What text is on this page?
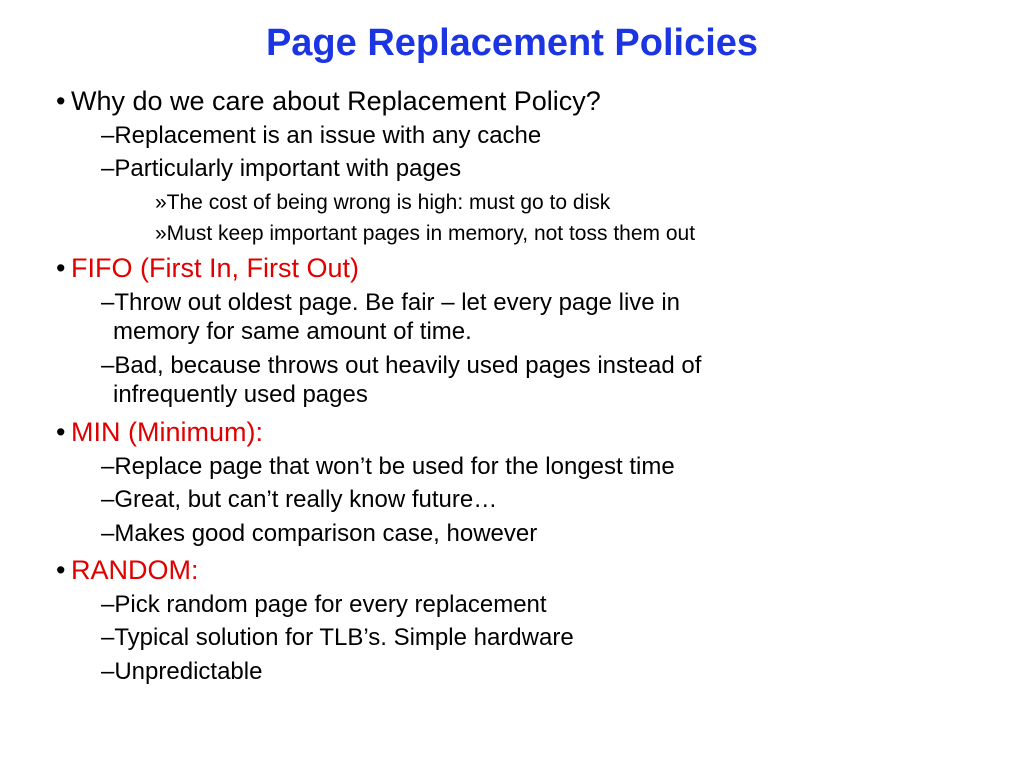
Page Replacement Policies
• Why do we care about Replacement Policy?
–Replacement is an issue with any cache
–Particularly important with pages
»The cost of being wrong is high: must go to disk
»Must keep important pages in memory, not toss them out
• FIFO (First In, First Out)
–Throw out oldest page. Be fair – let every page live in
memory for same amount of time.
–Bad, because throws out heavily used pages instead of
infrequently used pages
• MIN (Minimum):
–Replace page that won’t be used for the longest time
–Great, but can’t really know future…
–Makes good comparison case, however
• RANDOM:
–Pick random page for every replacement
–Typical solution for TLB’s. Simple hardware
–Unpredictable
